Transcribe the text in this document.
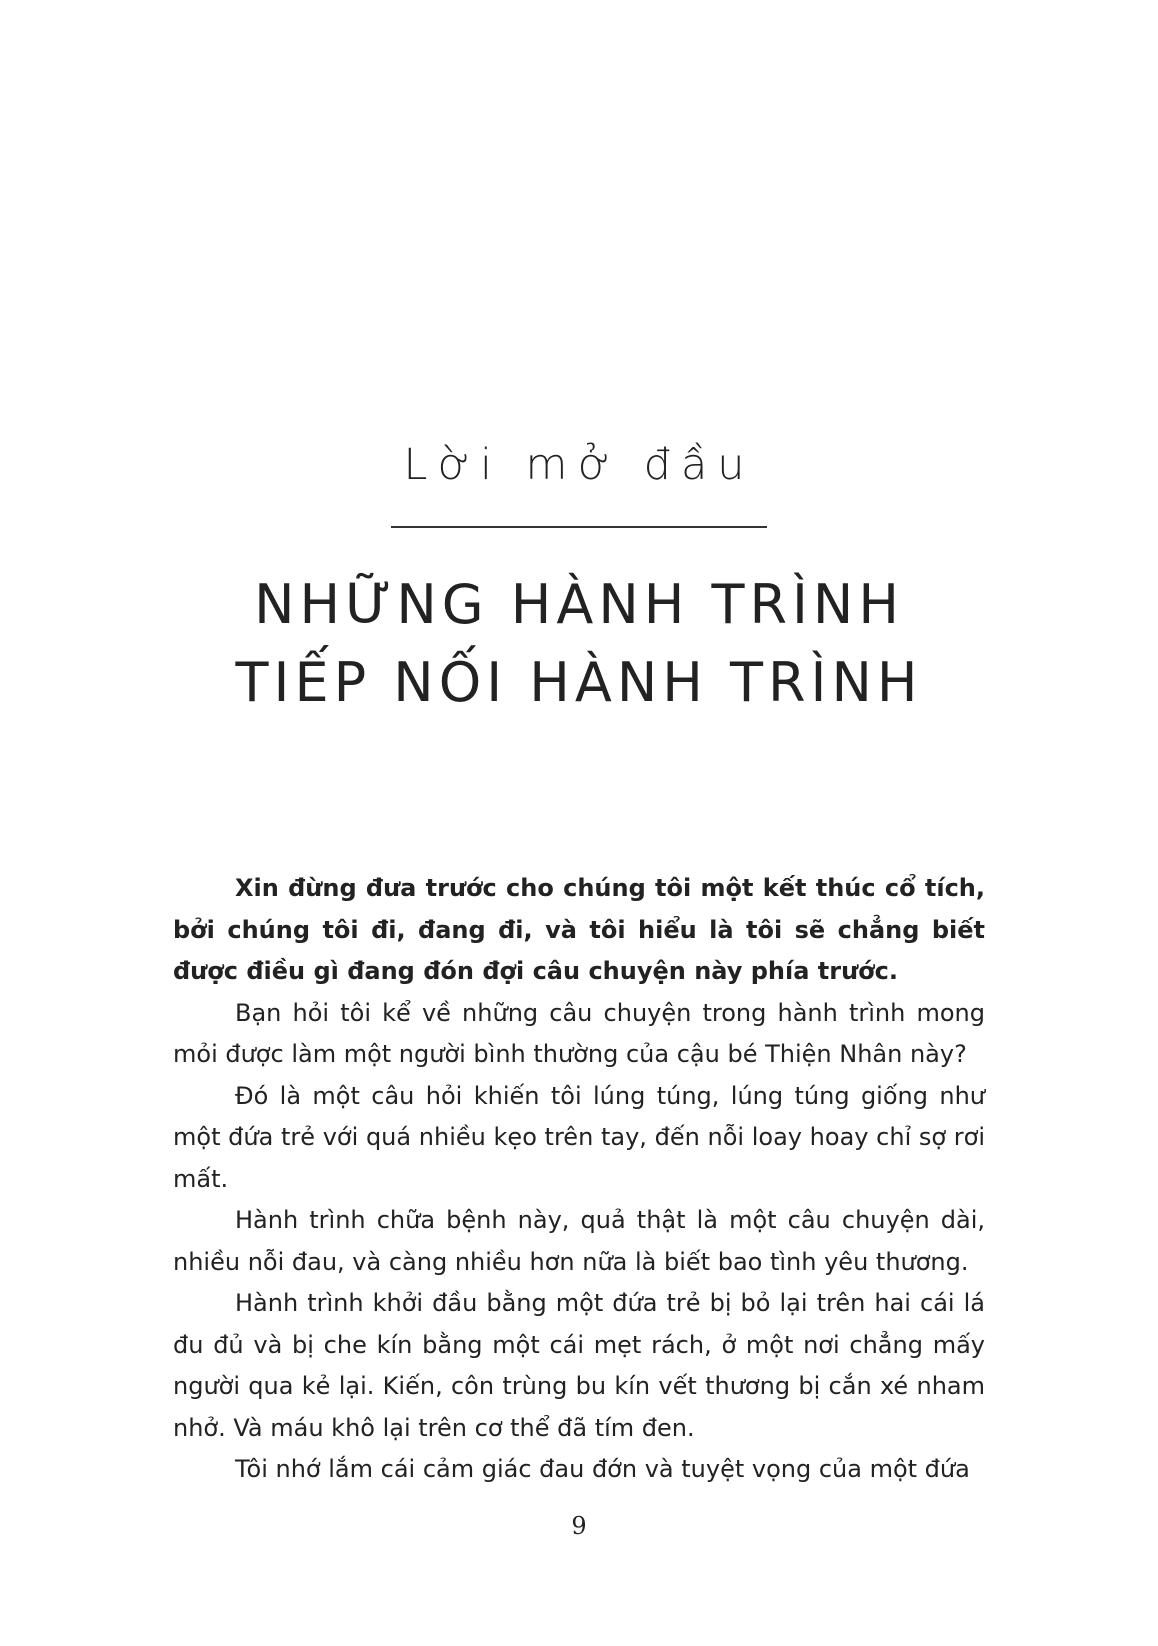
Lời mở đầu
NHỮNG HÀNH TRÌNH
TIẾP NỐI HÀNH TRÌNH

Xin đừng đưa trước cho chúng tôi một kết thúc cổ tích, bởi chúng tôi đi, đang đi, và tôi hiểu là tôi sẽ chẳng biết được điều gì đang đón đợi câu chuyện này phía trước.

Bạn hỏi tôi kể về những câu chuyện trong hành trình mong mỏi được làm một người bình thường của cậu bé Thiện Nhân này?

Đó là một câu hỏi khiến tôi lúng túng, lúng túng giống như một đứa trẻ với quá nhiều kẹo trên tay, đến nỗi loay hoay chỉ sợ rơi mất.

Hành trình chữa bệnh này, quả thật là một câu chuyện dài, nhiều nỗi đau, và càng nhiều hơn nữa là biết bao tình yêu thương.

Hành trình khởi đầu bằng một đứa trẻ bị bỏ lại trên hai cái lá đu đủ và bị che kín bằng một cái mẹt rách, ở một nơi chẳng mấy người qua kẻ lại. Kiến, côn trùng bu kín vết thương bị cắn xé nham nhở. Và máu khô lại trên cơ thể đã tím đen.

Tôi nhớ lắm cái cảm giác đau đớn và tuyệt vọng của một đứa

9
